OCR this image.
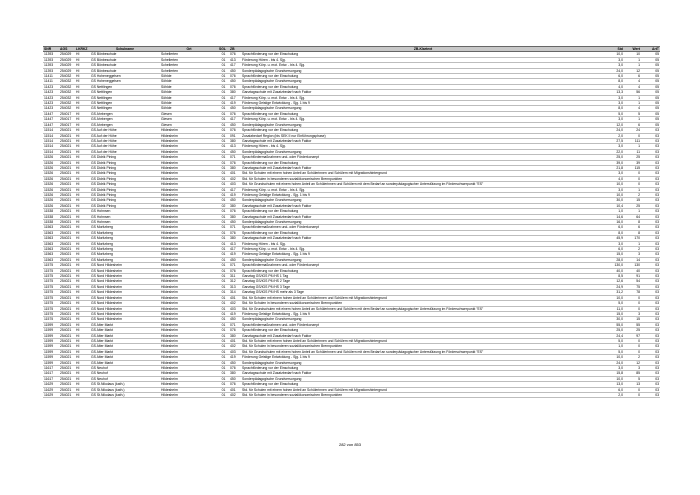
SNR	AGS	LKRKZ	Schulname	Ort	SGL	ZB	ZB-Klartext	Std	Wert	ArtT
11393	254029	HI	GS Bönbeschule	Schellerten	01	076	Sprachförderung vor der Einschulung	10,0	10	05
11393	254029	HI	GS Bönbeschule	Schellerten	01	413	Förderung Hören - bis 4. Sjg.	3,0	1	05
11393	254029	HI	GS Bönbeschule	Schellerten	01	417	Förderung Körp. u. mot. Entw. - bis 4. Sjg.	3,0	1	05
11393	254029	HI	GS Bönbeschule	Schellerten	01	450	Sonderpädagogische Grundversorgung	24,0	12	05
11411	254032	HI	GS Hoheneggelsen	Söhlde	01	076	Sprachförderung vor der Einschulung	6,0	6	05
11411	254032	HI	GS Hoheneggelsen	Söhlde	01	450	Sonderpädagogische Grundversorgung	8,0	4	05
11423	254032	HI	GS Nettlingen	Söhlde	01	076	Sprachförderung vor der Einschulung	4,0	4	05
11423	254032	HI	GS Nettlingen	Söhlde	01	380	Ganztagsschule mit Zusatzbedarf nach Faktor	13,3	56	05
11423	254032	HI	GS Nettlingen	Söhlde	01	417	Förderung Körp. u. mot. Entw. - bis 4. Sjg.	3,0	1	05
11423	254032	HI	GS Nettlingen	Söhlde	01	419	Förderung Geistige Entwicklung - Sjg. 1 bis 9	3,0	1	05
11423	254032	HI	GS Nettlingen	Söhlde	01	450	Sonderpädagogische Grundversorgung	8,0	4	05
11447	254017	HI	GS Ahrbergen	Giesen	01	076	Sprachförderung vor der Einschulung	5,0	5	05
11447	254017	HI	GS Ahrbergen	Giesen	01	417	Förderung Körp. u. mot. Entw. - bis 4. Sjg.	3,0	1	05
11447	254017	HI	GS Ahrbergen	Giesen	01	450	Sonderpädagogische Grundversorgung	12,0	6	05
11514	254021	HI	GS Auf der Höhe	Hildesheim	01	076	Sprachförderung vor der Einschulung	24,0	24	03
11514	254021	HI	GS Auf der Höhe	Hildesheim	01	091	Zusatzbedarf Region (bis SEK II nur Einführungsphase)	2,0	0	03
11514	254021	HI	GS Auf der Höhe	Hildesheim	01	380	Ganztagsschule mit Zusatzbedarf nach Faktor	27,5	111	03
11514	254021	HI	GS Auf der Höhe	Hildesheim	01	413	Förderung Hören - bis 4. Sjg.	3,0	1	03
11514	254021	HI	GS Auf der Höhe	Hildesheim	01	450	Sonderpädagogische Grundversorgung	22,0	11	03
11526	254021	HI	GS Didrik Pining	Hildesheim	01	071	Sprachfördermaßnahmen und- oder Förderkonzept	25,0	25	03
11526	254021	HI	GS Didrik Pining	Hildesheim	01	076	Sprachförderung vor der Einschulung	39,0	39	03
11526	254021	HI	GS Didrik Pining	Hildesheim	01	380	Ganztagsschule mit Zusatzbedarf nach Faktor	21,8	115	03
11526	254021	HI	GS Didrik Pining	Hildesheim	01	401	Std. für Schulen mit einem hohen Anteil an Schülerinnen und Schülern mit Migrationshintergrund	3,0	0	03
11526	254021	HI	GS Didrik Pining	Hildesheim	01	402	Std. für Schulen in besonderen sozialökonomischen Brennpunkten	4,0	0	03
11526	254021	HI	GS Didrik Pining	Hildesheim	01	403	Std. für Grundschulen mit einem hohen Anteil an Schülerinnen und Schülern mit dem Bedarf an sonderpädagogischer Unterstützung im Förderschwerpunkt "ES"	10,0	0	03
11526	254021	HI	GS Didrik Pining	Hildesheim	01	417	Förderung Körp. u. mot. Entw. - bis 4. Sjg.	3,0	1	03
11526	254021	HI	GS Didrik Pining	Hildesheim	01	419	Förderung Geistige Entwicklung - Sjg. 1 bis 9	10,0	2	03
11526	254021	HI	GS Didrik Pining	Hildesheim	01	450	Sonderpädagogische Grundversorgung	30,0	15	03
11526	254021	HI	GS Didrik Pining	Hildesheim	02	380	Ganztagsschule mit Zusatzbedarf nach Faktor	10,4	25	03
11538	254021	HI	GS Hohnsen	Hildesheim	01	076	Sprachförderung vor der Einschulung	1,0	1	03
11538	254021	HI	GS Hohnsen	Hildesheim	01	380	Ganztagsschule mit Zusatzbedarf nach Faktor	14,6	64	03
11538	254021	HI	GS Hohnsen	Hildesheim	01	450	Sonderpädagogische Grundversorgung	16,0	8	03
11563	254021	HI	GS Moritzberg	Hildesheim	01	071	Sprachfördermaßnahmen und- oder Förderkonzept	6,0	6	03
11563	254021	HI	GS Moritzberg	Hildesheim	01	076	Sprachförderung vor der Einschulung	8,0	8	03
11563	254021	HI	GS Moritzberg	Hildesheim	01	380	Ganztagsschule mit Zusatzbedarf nach Faktor	45,9	170	03
11563	254021	HI	GS Moritzberg	Hildesheim	01	413	Förderung Hören - bis 4. Sjg.	3,0	1	03
11563	254021	HI	GS Moritzberg	Hildesheim	01	417	Förderung Körp. u. mot. Entw. - bis 4. Sjg.	6,0	2	03
11563	254021	HI	GS Moritzberg	Hildesheim	01	419	Förderung Geistige Entwicklung - Sjg. 1 bis 9	15,0	3	03
11563	254021	HI	GS Moritzberg	Hildesheim	01	450	Sonderpädagogische Grundversorgung	28,0	14	03
11575	254021	HI	GS Nord Hildesheim	Hildesheim	01	071	Sprachfördermaßnahmen und- oder Förderkonzept	130,0	130	03
11575	254021	HI	GS Nord Hildesheim	Hildesheim	01	076	Sprachförderung vor der Einschulung	40,0	40	03
11575	254021	HI	GS Nord Hildesheim	Hildesheim	01	311	Ganztag GS/IGS Pfl./HS 1 Tag	8,5	91	03
11575	254021	HI	GS Nord Hildesheim	Hildesheim	01	312	Ganztag GS/IGS Pfl./HS 2 Tage	12,6	54	03
11575	254021	HI	GS Nord Hildesheim	Hildesheim	01	313	Ganztag GS/IGS Pfl./HS 3 Tage	24,9	75	03
11575	254021	HI	GS Nord Hildesheim	Hildesheim	01	314	Ganztag GS/IGS Pfl./HS mehr als 3 Tage	31,2	78	03
11575	254021	HI	GS Nord Hildesheim	Hildesheim	01	401	Std. für Schulen mit einem hohen Anteil an Schülerinnen und Schülern mit Migrationshintergrund	10,0	0	03
11575	254021	HI	GS Nord Hildesheim	Hildesheim	01	402	Std. für Schulen in besonderen sozialökonomischen Brennpunkten	5,0	0	03
11575	254021	HI	GS Nord Hildesheim	Hildesheim	01	403	Std. für Grundschulen mit einem hohen Anteil an Schülerinnen und Schülern mit dem Bedarf an sonderpädagogischer Unterstützung im Förderschwerpunkt "ES"	11,0	0	03
11575	254021	HI	GS Nord Hildesheim	Hildesheim	01	419	Förderung Geistige Entwicklung - Sjg. 1 bis 9	15,0	3	03
11575	254021	HI	GS Nord Hildesheim	Hildesheim	01	450	Sonderpädagogische Grundversorgung	30,0	15	03
11599	254021	HI	GS Alter Markt	Hildesheim	01	071	Sprachfördermaßnahmen und- oder Förderkonzept	55,0	55	03
11599	254021	HI	GS Alter Markt	Hildesheim	01	076	Sprachförderung vor der Einschulung	25,0	25	03
11599	254021	HI	GS Alter Markt	Hildesheim	01	380	Ganztagsschule mit Zusatzbedarf nach Faktor	24,4	97	03
11599	254021	HI	GS Alter Markt	Hildesheim	01	401	Std. für Schulen mit einem hohen Anteil an Schülerinnen und Schülern mit Migrationshintergrund	5,0	0	03
11599	254021	HI	GS Alter Markt	Hildesheim	01	402	Std. für Schulen in besonderen sozialökonomischen Brennpunkten	1,0	0	03
11599	254021	HI	GS Alter Markt	Hildesheim	01	403	Std. für Grundschulen mit einem hohen Anteil an Schülerinnen und Schülern mit dem Bedarf an sonderpädagogischer Unterstützung im Förderschwerpunkt "ES"	5,0	0	03
11599	254021	HI	GS Alter Markt	Hildesheim	01	419	Förderung Geistige Entwicklung - Sjg. 1 bis 9	10,0	2	03
11599	254021	HI	GS Alter Markt	Hildesheim	01	450	Sonderpädagogische Grundversorgung	24,0	12	03
11617	254021	HI	GS Neuhof	Hildesheim	01	076	Sprachförderung vor der Einschulung	3,0	3	03
11617	254021	HI	GS Neuhof	Hildesheim	01	380	Ganztagsschule mit Zusatzbedarf nach Faktor	15,8	85	03
11617	254021	HI	GS Neuhof	Hildesheim	01	450	Sonderpädagogische Grundversorgung	10,0	5	03
11629	254021	HI	GS St.Nikolaus (kath.)	Hildesheim	01	076	Sprachförderung vor der Einschulung	13,0	13	03
11629	254021	HI	GS St.Nikolaus (kath.)	Hildesheim	01	401	Std. für Schulen mit einem hohen Anteil an Schülerinnen und Schülern mit Migrationshintergrund	6,0	0	03
11629	254021	HI	GS St.Nikolaus (kath.)	Hildesheim	01	402	Std. für Schulen in besonderen sozialökonomischen Brennpunkten	2,0	0	03
282 von 853
